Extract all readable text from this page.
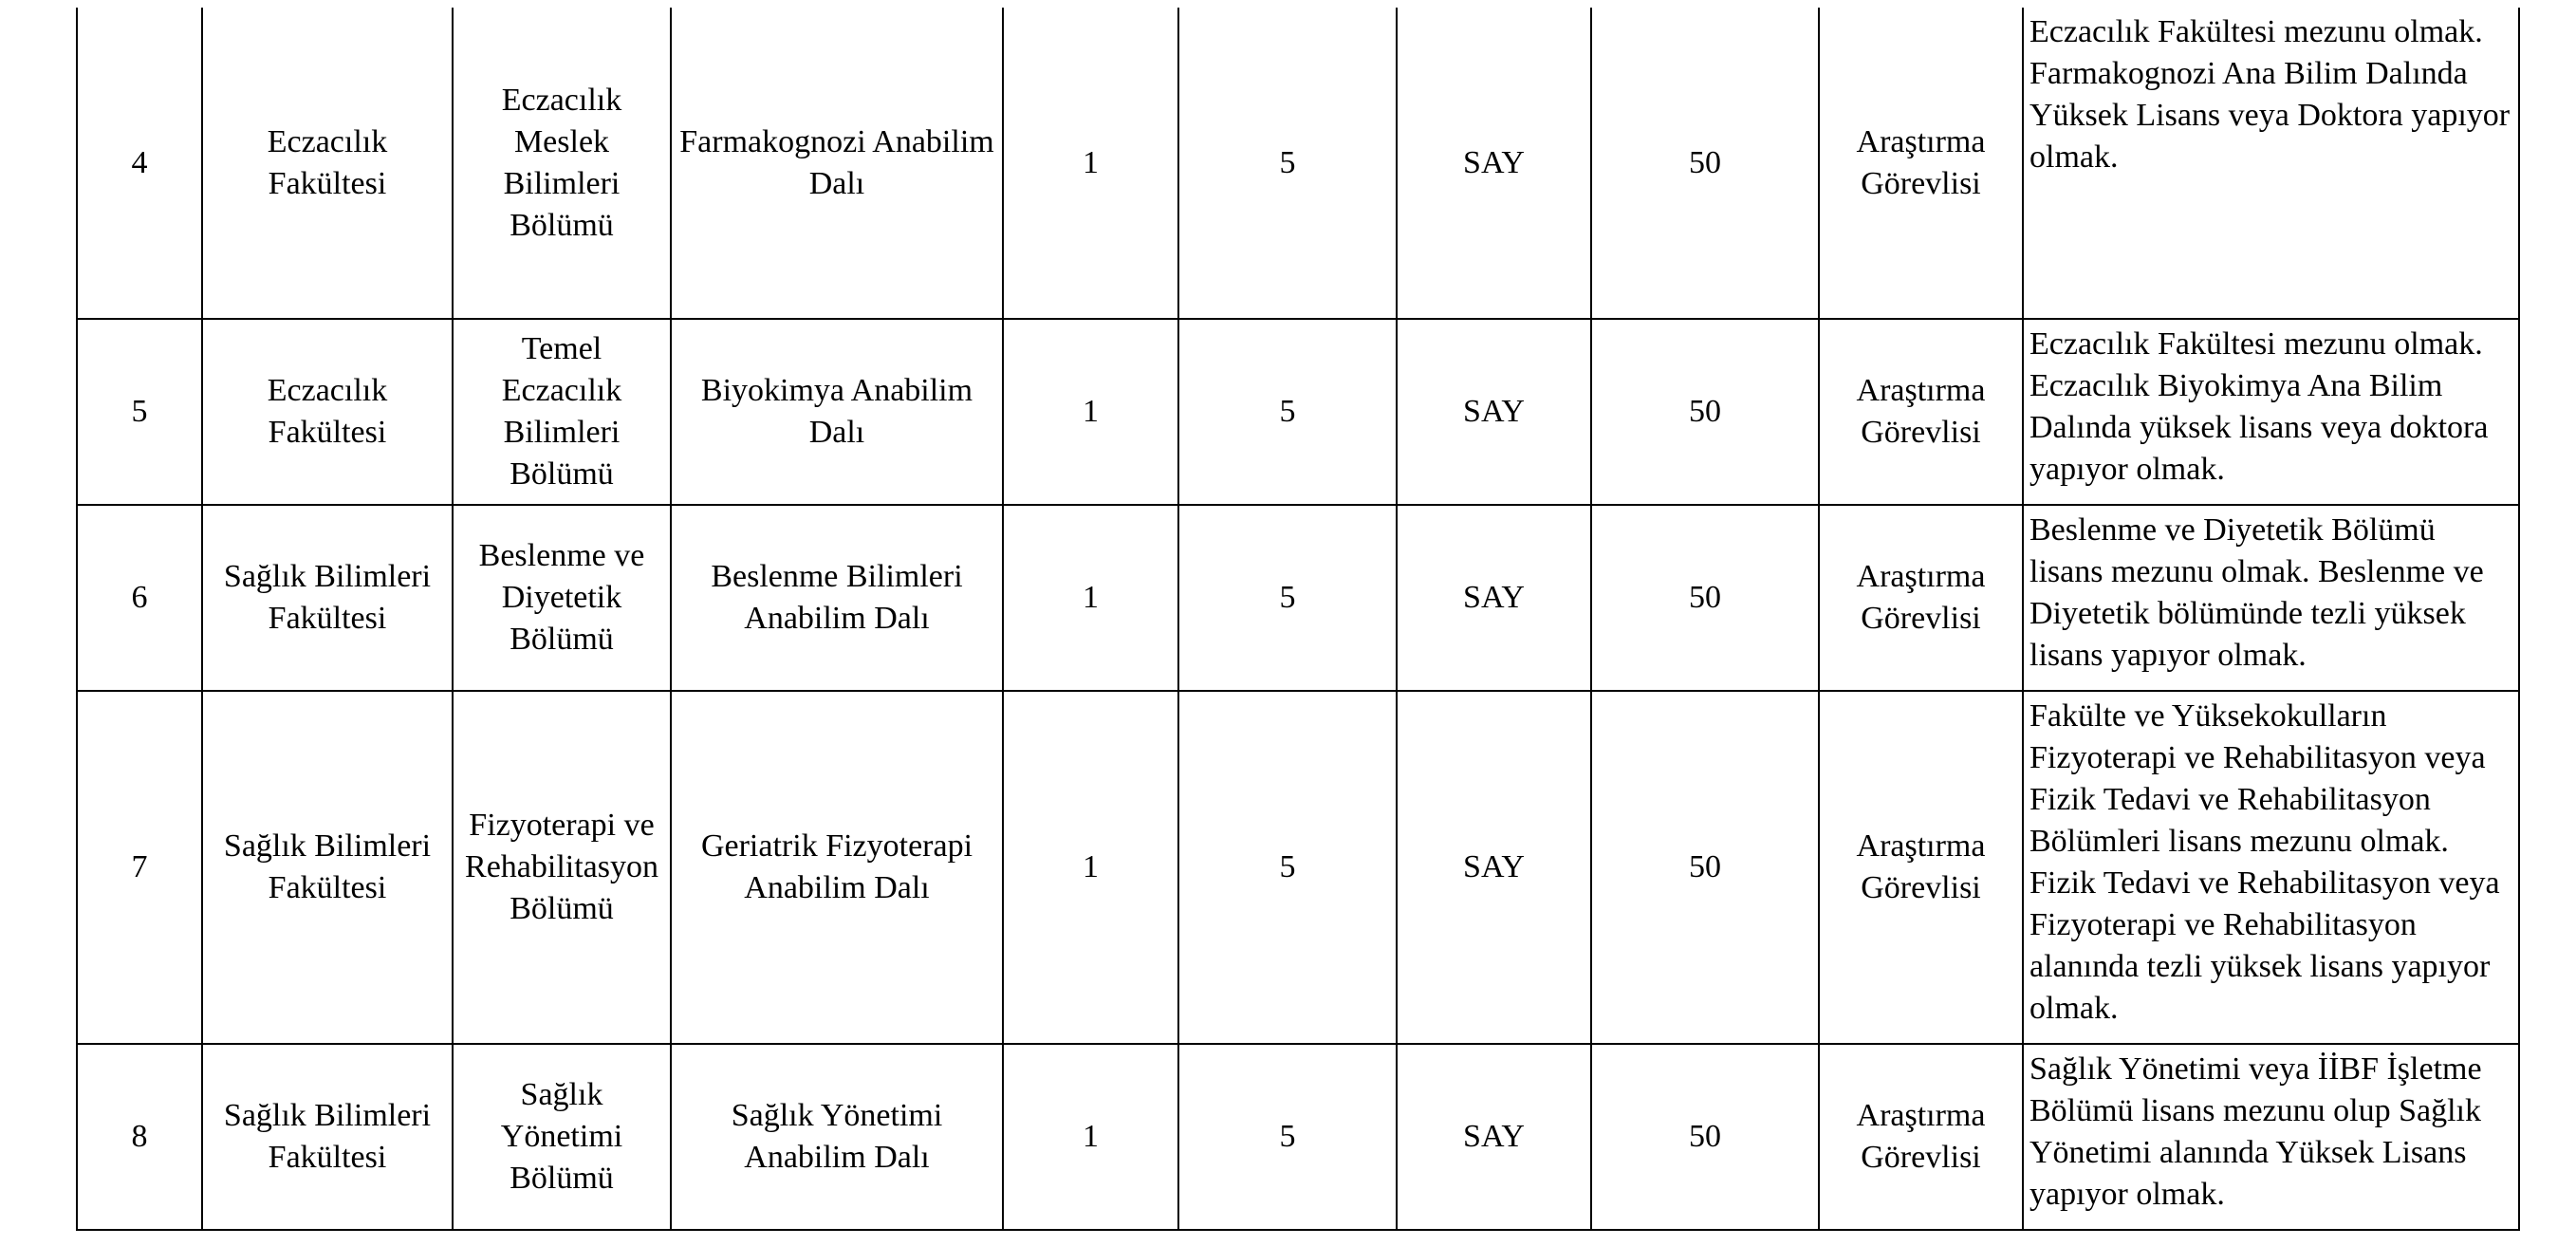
4	Eczacılık Fakültesi	Eczacılık Meslek Bilimleri Bölümü	Farmakognozi Anabilim Dalı	1	5	SAY	50	Araştırma Görevlisi	Eczacılık Fakültesi mezunu olmak. Farmakognozi Ana Bilim Dalında Yüksek Lisans veya Doktora yapıyor olmak.
5	Eczacılık Fakültesi	Temel Eczacılık Bilimleri Bölümü	Biyokimya Anabilim Dalı	1	5	SAY	50	Araştırma Görevlisi	Eczacılık Fakültesi mezunu olmak. Eczacılık Biyokimya Ana Bilim Dalında yüksek lisans veya doktora yapıyor olmak.
6	Sağlık Bilimleri Fakültesi	Beslenme ve Diyetetik Bölümü	Beslenme Bilimleri Anabilim Dalı	1	5	SAY	50	Araştırma Görevlisi	Beslenme ve Diyetetik Bölümü lisans mezunu olmak. Beslenme ve Diyetetik bölümünde tezli yüksek lisans yapıyor olmak.
7	Sağlık Bilimleri Fakültesi	Fizyoterapi ve Rehabilitasyon Bölümü	Geriatrik Fizyoterapi Anabilim Dalı	1	5	SAY	50	Araştırma Görevlisi	Fakülte ve Yüksekokulların Fizyoterapi ve Rehabilitasyon veya Fizik Tedavi ve Rehabilitasyon Bölümleri lisans mezunu olmak. Fizik Tedavi ve Rehabilitasyon veya Fizyoterapi ve Rehabilitasyon alanında tezli yüksek lisans yapıyor olmak.
8	Sağlık Bilimleri Fakültesi	Sağlık Yönetimi Bölümü	Sağlık Yönetimi Anabilim Dalı	1	5	SAY	50	Araştırma Görevlisi	Sağlık Yönetimi veya İİBF İşletme Bölümü lisans mezunu olup Sağlık Yönetimi alanında Yüksek Lisans yapıyor olmak.
